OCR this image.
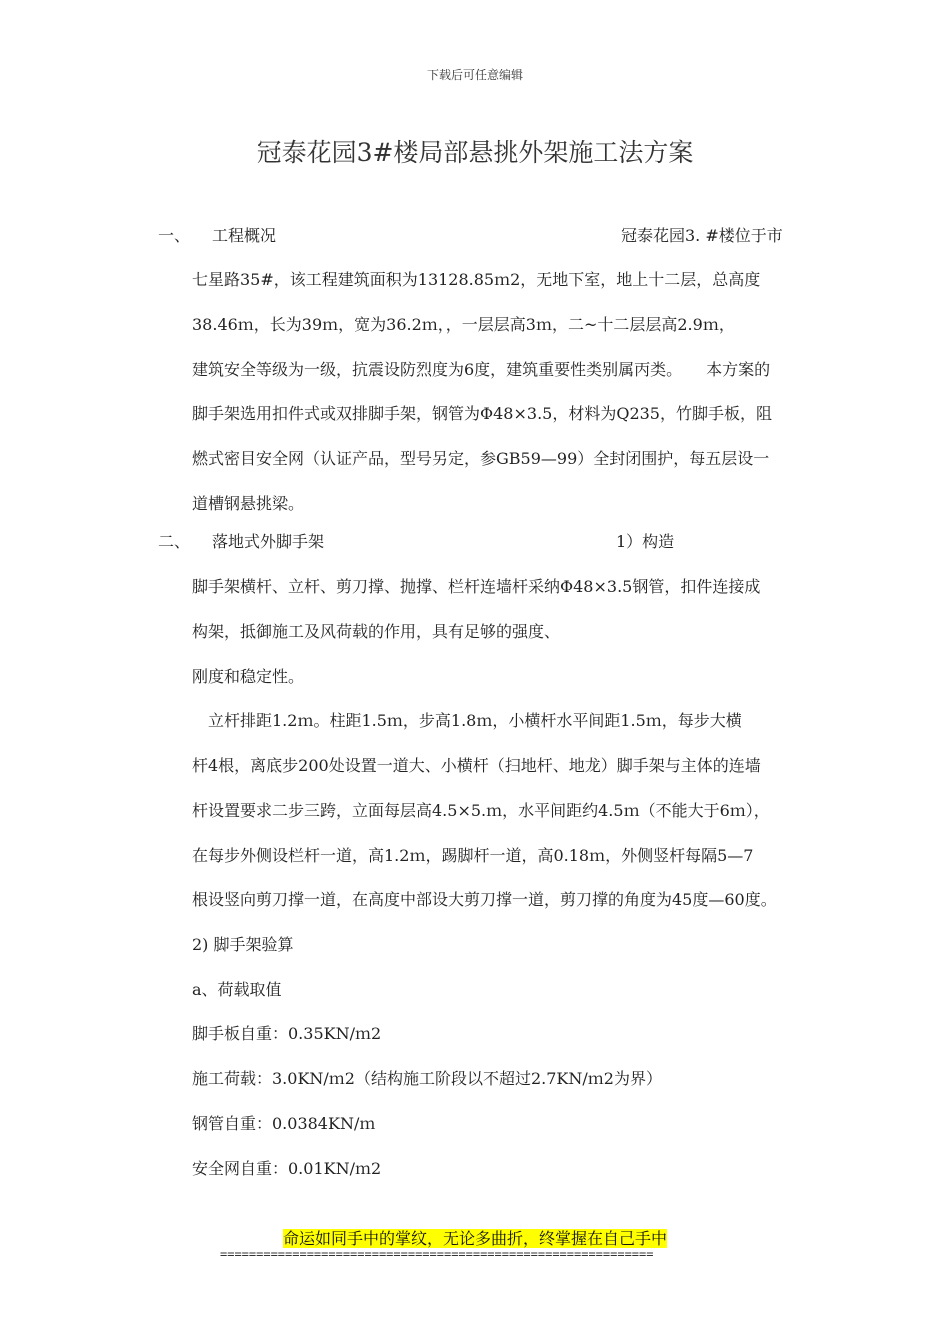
下载后可任意编辑
冠泰花园3#楼局部悬挑外架施工法方案
一、 工程概况	冠泰花园3. #楼位于市
七星路35#，该工程建筑面积为13128.85ｍ2，无地下室，地上十二层，总高度
38.46ｍ，长为39ｍ，宽为36.2ｍ，，一层层高3ｍ，二~十二层层高2.9ｍ，
建筑安全等级为一级，抗震设防烈度为6度，建筑重要性类别属丙类。　　本方案的
脚手架选用扣件式或双排脚手架，钢管为Φ48×3.5，材料为Q235，竹脚手板，阻
燃式密目安全网（认证产品，型号另定，参GB59—99）全封闭围护，每五层设一
道槽钢悬挑梁。
二、 落地式外脚手架	1）构造
脚手架横杆、立杆、剪刀撑、抛撑、栏杆连墙杆采纳Φ48×3.5钢管，扣件连接成
构架，抵御施工及风荷载的作用，具有足够的强度、
刚度和稳定性。
　立杆排距1.2ｍ。柱距1.5ｍ，步高1.8ｍ，小横杆水平间距1.5ｍ，每步大横
杆4根，离底步200处设置一道大、小横杆（扫地杆、地龙）脚手架与主体的连墙
杆设置要求二步三跨，立面每层高4.5×5.ｍ，水平间距约4.5ｍ（不能大于6ｍ），
在每步外侧设栏杆一道，高1.2ｍ，踢脚杆一道，高0.18ｍ，外侧竖杆每隔5—7
根设竖向剪刀撑一道，在高度中部设大剪刀撑一道，剪刀撑的角度为45度—60度。
2) 脚手架验算
a、荷载取值
脚手板自重：0.35KN/ｍ2
施工荷载：3.0KN/ｍ2（结构施工阶段以不超过2.7KN/ｍ2为界）
钢管自重：0.0384KN/ｍ
安全网自重：0.01KN/ｍ2
命运如同手中的掌纹，无论多曲折，终掌握在自己手中
============================================================
